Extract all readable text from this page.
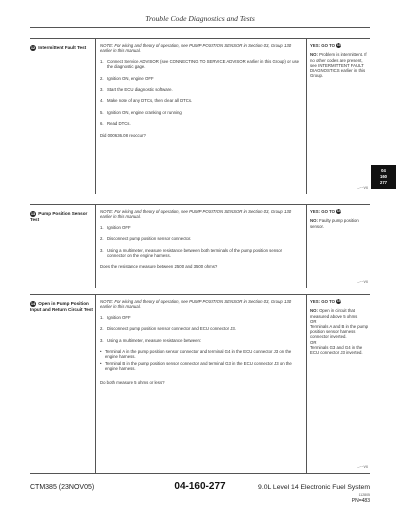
Trouble Code Diagnostics and Tests
12 Intermittent Fault Test	NOTE: For wiring and theory of operation, see PUMP POSITION SENSOR in Section 03, Group 130 earlier in this manual.

1. Connect Service ADVISOR (see CONNECTING TO SERVICE ADVISOR earlier in this Group) or use the diagnostic gage.
2. Ignition ON, engine OFF
3. Start the ECU diagnostic software.
4. Make note of any DTCs, then clear all DTCs.
5. Ignition ON, engine cranking or running
6. Read DTCs.

Did 000636.08 reoccur?

YES: GO TO 13
NO: Problem is intermittent. If no other codes are present, see INTERMITTENT FAULT DIAGNOSTICS earlier in this Group.
—~~VX
04
160
277
13 Pump Position Sensor Test

NOTE: For wiring and theory of operation, see PUMP POSITION SENSOR in Section 03, Group 130 earlier in this manual.

1. Ignition OFF
2. Disconnect pump position sensor connector.
3. Using a multimeter, measure resistance between both terminals of the pump position sensor connector on the engine harness.

Does the resistance measure between 2500 and 3500 ohms?

YES: GO TO 14
NO: Faulty pump position sensor.
—~~VX
14 Open in Pump Position Input and Return Circuit Test

NOTE: For wiring and theory of operation, see PUMP POSITION SENSOR in Section 03, Group 130 earlier in this manual.

1. Ignition OFF
2. Disconnect pump position sensor connector and ECU connector J3.
3. Using a multimeter, measure resistance between:
• Terminal A in the pump position sensor connector and terminal G4 in the ECU connector J3 on the engine harness.
• Terminal B in the pump position sensor connector and terminal G3 in the ECU connector J3 on the engine harness.

Do both measure 5 ohms or less?

YES: GO TO 15
NO: Open in circuit that measured above 5 ohms
OR
Terminals A and B in the pump position sensor harness connector inverted.
OR
Terminals G3 and G4 in the ECU connector J3 inverted.
—~~VX
CTM385 (23NOV05)	04-160-277	9.0L Level 14 Electronic Fuel System
112805
PN=483
